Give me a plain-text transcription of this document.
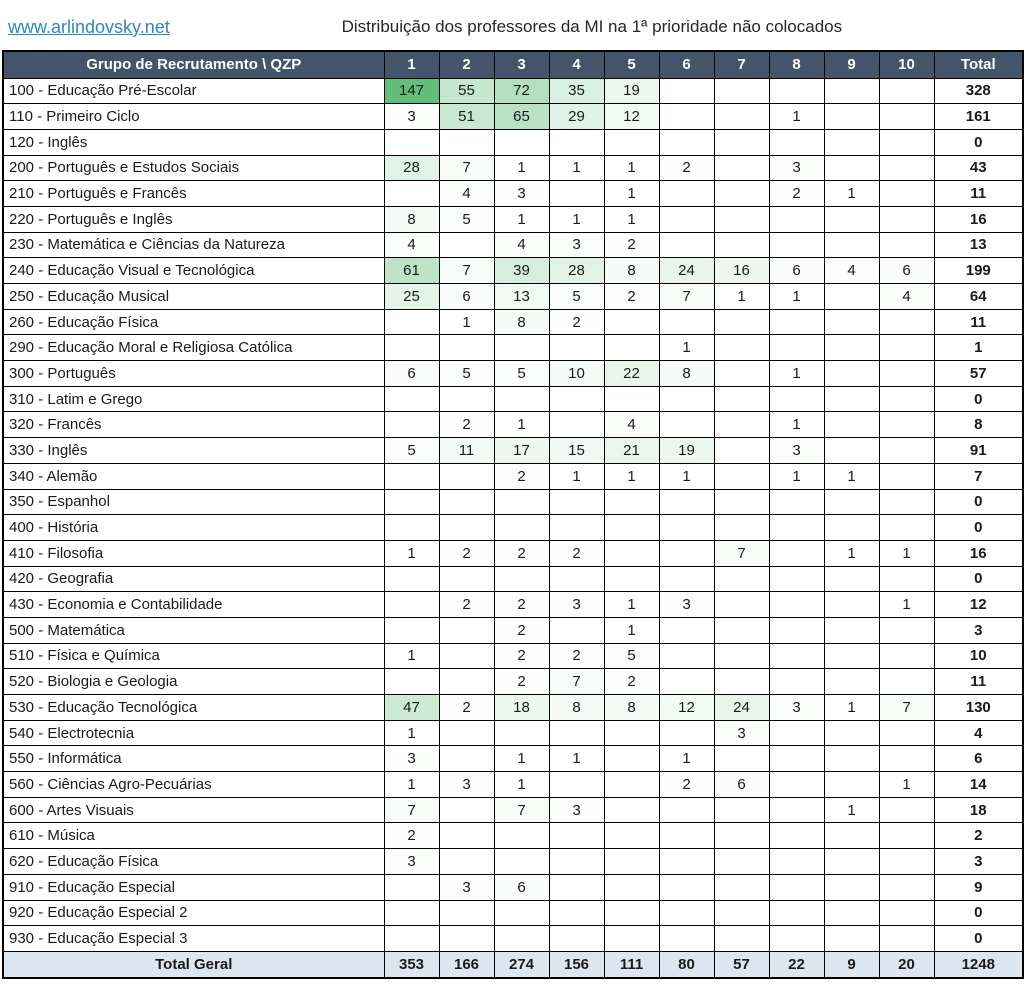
www.arlindovsky.net	Distribuição dos professores da MI na 1ª prioridade não colocados
Grupo de Recrutamento \ QZP	1	2	3	4	5	6	7	8	9	10	Total
100 - Educação Pré-Escolar	147	55	72	35	19						328
110 - Primeiro Ciclo	3	51	65	29	12			1			161
120 - Inglês											0
200 - Português e Estudos Sociais	28	7	1	1	1	2		3			43
210 - Português e Francês		4	3		1			2	1		11
220 - Português e Inglês	8	5	1	1	1						16
230 - Matemática e Ciências da Natureza	4		4	3	2						13
240 - Educação Visual e Tecnológica	61	7	39	28	8	24	16	6	4	6	199
250 - Educação Musical	25	6	13	5	2	7	1	1		4	64
260 - Educação Física		1	8	2							11
290 - Educação Moral e Religiosa Católica						1					1
300 - Português	6	5	5	10	22	8		1			57
310 - Latim e Grego											0
320 - Francês		2	1		4			1			8
330 - Inglês	5	11	17	15	21	19		3			91
340 - Alemão			2	1	1	1		1	1		7
350 - Espanhol											0
400 - História											0
410 - Filosofia	1	2	2	2			7		1	1	16
420 - Geografia											0
430 - Economia e Contabilidade		2	2	3	1	3				1	12
500 - Matemática			2		1						3
510 - Física e Química	1		2	2	5						10
520 - Biologia e Geologia			2	7	2						11
530 - Educação Tecnológica	47	2	18	8	8	12	24	3	1	7	130
540 - Electrotecnia	1						3				4
550 - Informática	3		1	1		1					6
560 - Ciências Agro-Pecuárias	1	3	1			2	6			1	14
600 - Artes Visuais	7		7	3					1		18
610 - Música	2										2
620 - Educação Física	3										3
910 - Educação Especial		3	6								9
920 - Educação Especial 2											0
930 - Educação Especial 3											0
Total Geral	353	166	274	156	111	80	57	22	9	20	1248
